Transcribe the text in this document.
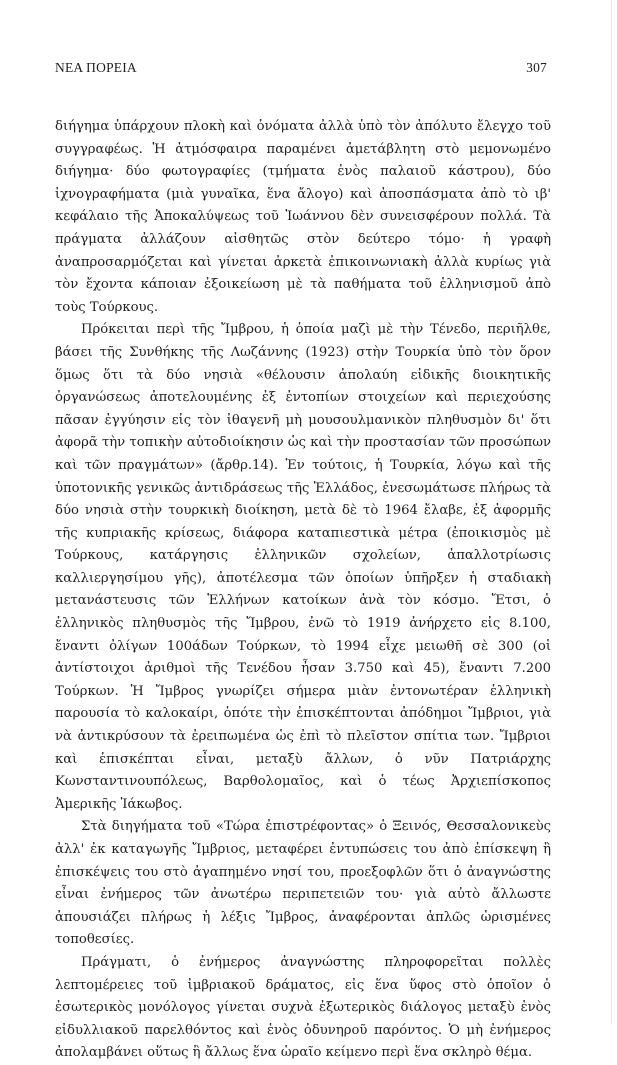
ΝΕΑ ΠΟΡΕΙΑ	307

διήγημα ὑπάρχουν πλοκὴ καὶ ὀνόματα ἀλλὰ ὑπὸ τὸν ἀπόλυτο ἔλεγχο τοῦ συγγραφέως. Ἡ ἀτμόσφαιρα παραμένει ἀμετάβλητη στὸ μεμονωμένο διήγημα· δύο φωτογραφίες (τμήματα ἑνὸς παλαιοῦ κάστρου), δύο ἰχνογραφήματα (μιὰ γυναῖκα, ἕνα ἄλογο) καὶ ἀποσπάσματα ἀπὸ τὸ ιβ' κεφάλαιο τῆς Ἀποκαλύψεως τοῦ Ἰωάννου δὲν συνεισφέρουν πολλά. Τὰ πράγματα ἀλλάζουν αἰσθητῶς στὸν δεύτερο τόμο· ἡ γραφὴ ἀναπροσαρμόζεται καὶ γίνεται ἀρκετὰ ἐπικοινωνιακὴ ἀλλὰ κυρίως γιὰ τὸν ἔχοντα κάποιαν ἐξοικείωση μὲ τὰ παθήματα τοῦ ἑλληνισμοῦ ἀπὸ τοὺς Τούρκους.

Πρόκειται περὶ τῆς Ἴμβρου, ἡ ὁποία μαζὶ μὲ τὴν Τένεδο, περιῆλθε, βάσει τῆς Συνθήκης τῆς Λωζάννης (1923) στὴν Τουρκία ὑπὸ τὸν ὅρον ὅμως ὅτι τὰ δύο νησιὰ «θέλουσιν ἀπολαύη εἰδικῆς διοικητικῆς ὀργανώσεως ἀποτελουμένης ἐξ ἐντοπίων στοιχείων καὶ περιεχούσης πᾶσαν ἐγγύησιν εἰς τὸν ἰθαγενῆ μὴ μουσουλμανικὸν πληθυσμὸν δι' ὅτι ἀφορᾶ τὴν τοπικὴν αὐτοδιοίκησιν ὡς καὶ τὴν προστασίαν τῶν προσώπων καὶ τῶν πραγμάτων» (ἄρθρ.14). Ἐν τούτοις, ἡ Τουρκία, λόγω καὶ τῆς ὑποτονικῆς γενικῶς ἀντιδράσεως τῆς Ἑλλάδος, ἐνεσωμάτωσε πλήρως τὰ δύο νησιὰ στὴν τουρκικὴ διοίκηση, μετὰ δὲ τὸ 1964 ἔλαβε, ἐξ ἀφορμῆς τῆς κυπριακῆς κρίσεως, διάφορα καταπιεστικὰ μέτρα (ἐποικισμὸς μὲ Τούρκους, κατάργησις ἑλληνικῶν σχολείων, ἀπαλλοτρίωσις καλλιεργησίμου γῆς), ἀποτέλεσμα τῶν ὁποίων ὑπῆρξεν ἡ σταδιακὴ μετανάστευσις τῶν Ἑλλήνων κατοίκων ἀνὰ τὸν κόσμο. Ἔτσι, ὁ ἑλληνικὸς πληθυσμὸς τῆς Ἴμβρου, ἐνῶ τὸ 1919 ἀνήρχετο εἰς 8.100, ἔναντι ὀλίγων 100άδων Τούρκων, τὸ 1994 εἶχε μειωθῆ σὲ 300 (οἱ ἀντίστοιχοι ἀριθμοὶ τῆς Τενέδου ἦσαν 3.750 καὶ 45), ἔναντι 7.200 Τούρκων. Ἡ Ἴμβρος γνωρίζει σήμερα μιὰν ἐντονωτέραν ἑλληνικὴ παρουσία τὸ καλοκαίρι, ὁπότε τὴν ἐπισκέπτονται ἀπόδημοι Ἴμβριοι, γιὰ νὰ ἀντικρύσουν τὰ ἐρειπωμένα ὡς ἐπὶ τὸ πλεῖστον σπίτια των. Ἴμβριοι καὶ ἐπισκέπται εἶναι, μεταξὺ ἄλλων, ὁ νῦν Πατριάρχης Κωνσταντινουπόλεως, Βαρθολομαῖος, καὶ ὁ τέως Ἀρχιεπίσκοπος Ἀμερικῆς Ἰάκωβος.

Στὰ διηγήματα τοῦ «Τώρα ἐπιστρέφοντας» ὁ Ξεινός, Θεσσαλονικεὺς ἀλλ' ἐκ καταγωγῆς Ἴμβριος, μεταφέρει ἐντυπώσεις του ἀπὸ ἐπίσκεψη ἢ ἐπισκέψεις του στὸ ἀγαπημένο νησί του, προεξοφλῶν ὅτι ὁ ἀναγνώστης εἶναι ἐνήμερος τῶν ἀνωτέρω περιπετειῶν του· γιὰ αὐτὸ ἄλλωστε ἀπουσιάζει πλήρως ἡ λέξις Ἴμβρος, ἀναφέρονται ἁπλῶς ὡρισμένες τοποθεσίες.

Πράγματι, ὁ ἐνήμερος ἀναγνώστης πληροφορεῖται πολλὲς λεπτομέρειες τοῦ ἰμβριακοῦ δράματος, εἰς ἕνα ὕφος στὸ ὁποῖον ὁ ἐσωτερικὸς μονόλογος γίνεται συχνὰ ἐξωτερικὸς διάλογος μεταξὺ ἑνὸς εἰδυλλιακοῦ παρελθόντος καὶ ἑνὸς ὀδυνηροῦ παρόντος. Ὁ μὴ ἐνήμερος ἀπολαμβάνει οὕτως ἢ ἄλλως ἕνα ὡραῖο κείμενο περὶ ἕνα σκληρὸ θέμα.
